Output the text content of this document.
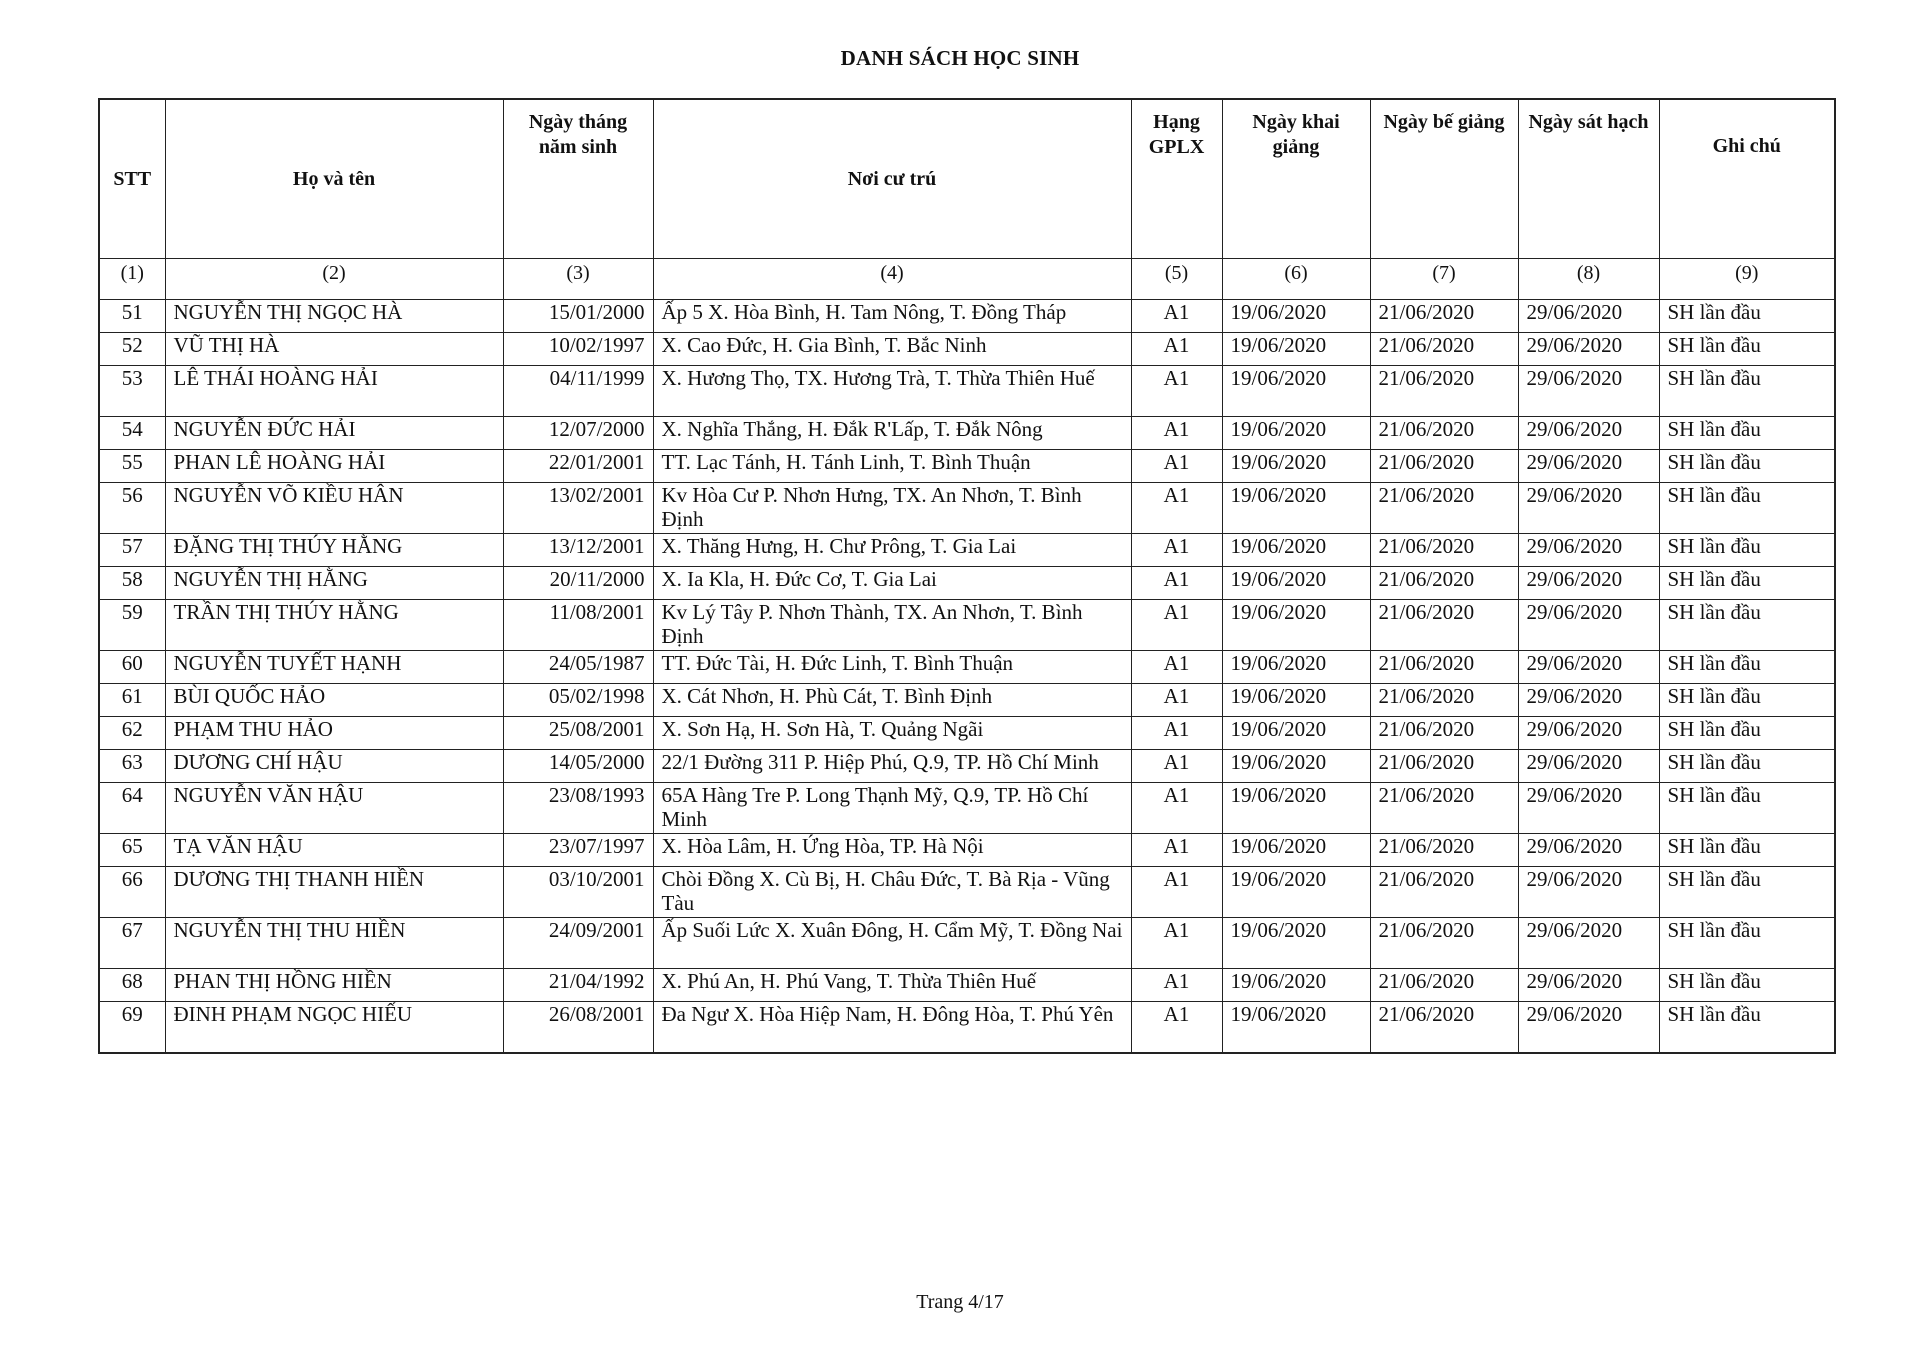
DANH SÁCH HỌC SINH
STT	Họ và tên	Ngày tháng năm sinh	Nơi cư trú	Hạng GPLX	Ngày khai giảng	Ngày bế giảng	Ngày sát hạch	Ghi chú
(1)	(2)	(3)	(4)	(5)	(6)	(7)	(8)	(9)
51	NGUYỄN THỊ NGỌC HÀ	15/01/2000	Ấp 5 X. Hòa Bình, H. Tam Nông, T. Đồng Tháp	A1	19/06/2020	21/06/2020	29/06/2020	SH lần đầu
52	VŨ THỊ HÀ	10/02/1997	X. Cao Đức, H. Gia Bình, T. Bắc Ninh	A1	19/06/2020	21/06/2020	29/06/2020	SH lần đầu
53	LÊ THÁI HOÀNG HẢI	04/11/1999	X. Hương Thọ, TX. Hương Trà, T. Thừa Thiên Huế	A1	19/06/2020	21/06/2020	29/06/2020	SH lần đầu
54	NGUYỄN ĐỨC HẢI	12/07/2000	X. Nghĩa Thắng, H. Đắk R'Lấp, T. Đắk Nông	A1	19/06/2020	21/06/2020	29/06/2020	SH lần đầu
55	PHAN LÊ HOÀNG HẢI	22/01/2001	TT. Lạc Tánh, H. Tánh Linh, T. Bình Thuận	A1	19/06/2020	21/06/2020	29/06/2020	SH lần đầu
56	NGUYỄN VÕ KIỀU HÂN	13/02/2001	Kv Hòa Cư P. Nhơn Hưng, TX. An Nhơn, T. Bình Định	A1	19/06/2020	21/06/2020	29/06/2020	SH lần đầu
57	ĐẶNG THỊ THÚY HẰNG	13/12/2001	X. Thăng Hưng, H. Chư Prông, T. Gia Lai	A1	19/06/2020	21/06/2020	29/06/2020	SH lần đầu
58	NGUYỄN THỊ HẰNG	20/11/2000	X. Ia Kla, H. Đức Cơ, T. Gia Lai	A1	19/06/2020	21/06/2020	29/06/2020	SH lần đầu
59	TRẦN THỊ THÚY HẰNG	11/08/2001	Kv Lý Tây P. Nhơn Thành, TX. An Nhơn, T. Bình Định	A1	19/06/2020	21/06/2020	29/06/2020	SH lần đầu
60	NGUYỄN TUYẾT HẠNH	24/05/1987	TT. Đức Tài, H. Đức Linh, T. Bình Thuận	A1	19/06/2020	21/06/2020	29/06/2020	SH lần đầu
61	BÙI QUỐC HẢO	05/02/1998	X. Cát Nhơn, H. Phù Cát, T. Bình Định	A1	19/06/2020	21/06/2020	29/06/2020	SH lần đầu
62	PHẠM THU HẢO	25/08/2001	X. Sơn Hạ, H. Sơn Hà, T. Quảng Ngãi	A1	19/06/2020	21/06/2020	29/06/2020	SH lần đầu
63	DƯƠNG CHÍ HẬU	14/05/2000	22/1 Đường 311 P. Hiệp Phú, Q.9, TP. Hồ Chí Minh	A1	19/06/2020	21/06/2020	29/06/2020	SH lần đầu
64	NGUYỄN VĂN HẬU	23/08/1993	65A Hàng Tre P. Long Thạnh Mỹ, Q.9, TP. Hồ Chí Minh	A1	19/06/2020	21/06/2020	29/06/2020	SH lần đầu
65	TẠ VĂN HẬU	23/07/1997	X. Hòa Lâm, H. Ứng Hòa, TP. Hà Nội	A1	19/06/2020	21/06/2020	29/06/2020	SH lần đầu
66	DƯƠNG THỊ THANH HIỀN	03/10/2001	Chòi Đồng X. Cù Bị, H. Châu Đức, T. Bà Rịa - Vũng Tàu	A1	19/06/2020	21/06/2020	29/06/2020	SH lần đầu
67	NGUYỄN THỊ THU HIỀN	24/09/2001	Ấp Suối Lức X. Xuân Đông, H. Cẩm Mỹ, T. Đồng Nai	A1	19/06/2020	21/06/2020	29/06/2020	SH lần đầu
68	PHAN THỊ HỒNG HIỀN	21/04/1992	X. Phú An, H. Phú Vang, T. Thừa Thiên Huế	A1	19/06/2020	21/06/2020	29/06/2020	SH lần đầu
69	ĐINH PHẠM NGỌC HIẾU	26/08/2001	Đa Ngư X. Hòa Hiệp Nam, H. Đông Hòa, T. Phú Yên	A1	19/06/2020	21/06/2020	29/06/2020	SH lần đầu
Trang 4/17
